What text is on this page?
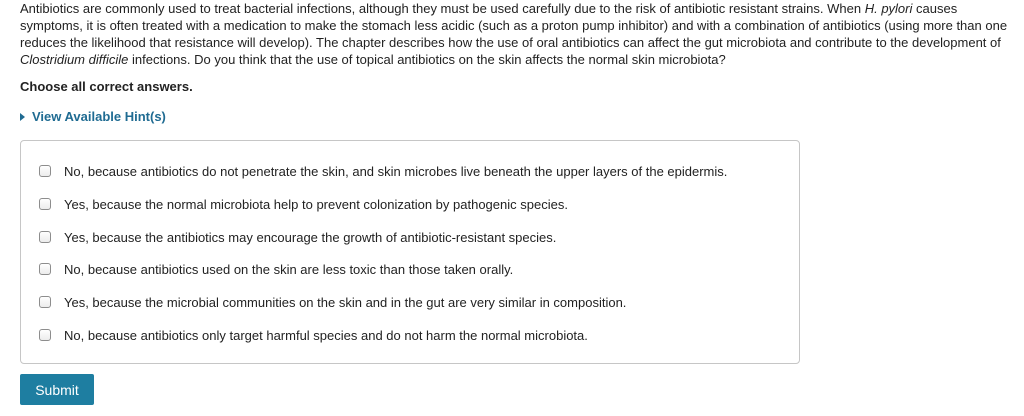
Antibiotics are commonly used to treat bacterial infections, although they must be used carefully due to the risk of antibiotic resistant strains. When H. pylori causes symptoms, it is often treated with a medication to make the stomach less acidic (such as a proton pump inhibitor) and with a combination of antibiotics (using more than one reduces the likelihood that resistance will develop). The chapter describes how the use of oral antibiotics can affect the gut microbiota and contribute to the development of Clostridium difficile infections. Do you think that the use of topical antibiotics on the skin affects the normal skin microbiota?
Choose all correct answers.
View Available Hint(s)
No, because antibiotics do not penetrate the skin, and skin microbes live beneath the upper layers of the epidermis.
Yes, because the normal microbiota help to prevent colonization by pathogenic species.
Yes, because the antibiotics may encourage the growth of antibiotic-resistant species.
No, because antibiotics used on the skin are less toxic than those taken orally.
Yes, because the microbial communities on the skin and in the gut are very similar in composition.
No, because antibiotics only target harmful species and do not harm the normal microbiota.
Submit
